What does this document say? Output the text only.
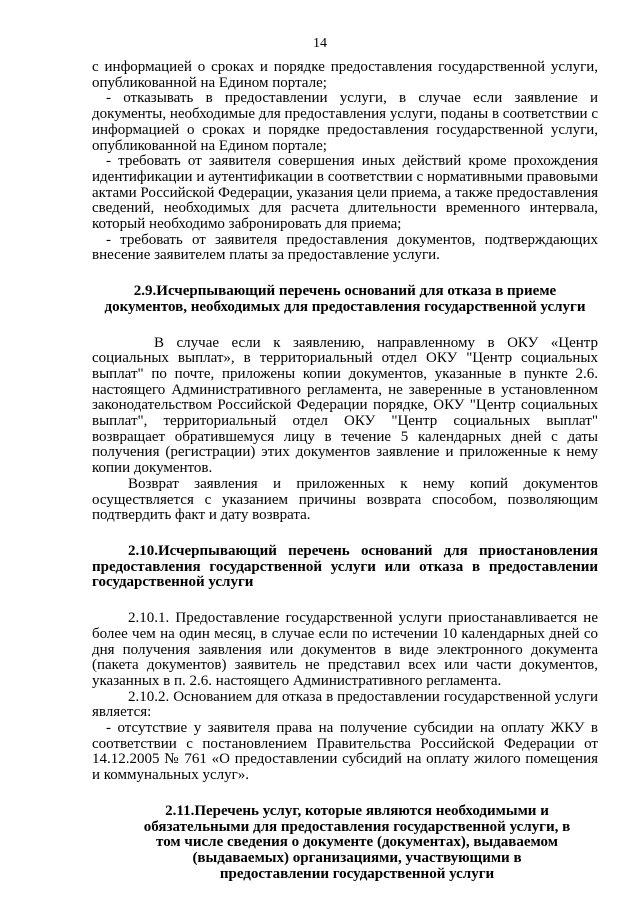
14

с информацией о сроках и порядке предоставления государственной услуги, опубликованной на Едином портале;

- отказывать в предоставлении услуги, в случае если заявление и документы, необходимые для предоставления услуги, поданы в соответствии с информацией о сроках и порядке предоставления государственной услуги, опубликованной на Едином портале;

- требовать от заявителя совершения иных действий кроме прохождения идентификации и аутентификации в соответствии с нормативными правовыми актами Российской Федерации, указания цели приема, а также предоставления сведений, необходимых для расчета длительности временного интервала, который необходимо забронировать для приема;

- требовать от заявителя предоставления документов, подтверждающих внесение заявителем платы за предоставление услуги.

2.9.Исчерпывающий перечень оснований для отказа в приеме документов, необходимых для предоставления государственной услуги

В случае если к заявлению, направленному в ОКУ «Центр социальных выплат», в территориальный отдел ОКУ "Центр социальных выплат" по почте, приложены копии документов, указанные в пункте 2.6. настоящего Административного регламента, не заверенные в установленном законодательством Российской Федерации порядке, ОКУ "Центр социальных выплат", территориальный отдел ОКУ "Центр социальных выплат" возвращает обратившемуся лицу в течение 5 календарных дней с даты получения (регистрации) этих документов заявление и приложенные к нему копии документов.

Возврат заявления и приложенных к нему копий документов осуществляется с указанием причины возврата способом, позволяющим подтвердить факт и дату возврата.

2.10.Исчерпывающий перечень оснований для приостановления предоставления государственной услуги или отказа в предоставлении государственной услуги

2.10.1. Предоставление государственной услуги приостанавливается не более чем на один месяц, в случае если по истечении 10 календарных дней со дня получения заявления или документов в виде электронного документа (пакета документов) заявитель не представил всех или части документов, указанных в п. 2.6. настоящего Административного регламента.

2.10.2. Основанием для отказа в предоставлении государственной услуги является:

- отсутствие у заявителя права на получение субсидии на оплату ЖКУ в соответствии с постановлением Правительства Российской Федерации от 14.12.2005 № 761 «О предоставлении субсидий на оплату жилого помещения и коммунальных услуг».

2.11.Перечень услуг, которые являются необходимыми и обязательными для предоставления государственной услуги, в том числе сведения о документе (документах), выдаваемом (выдаваемых) организациями, участвующими в предоставлении государственной услуги
